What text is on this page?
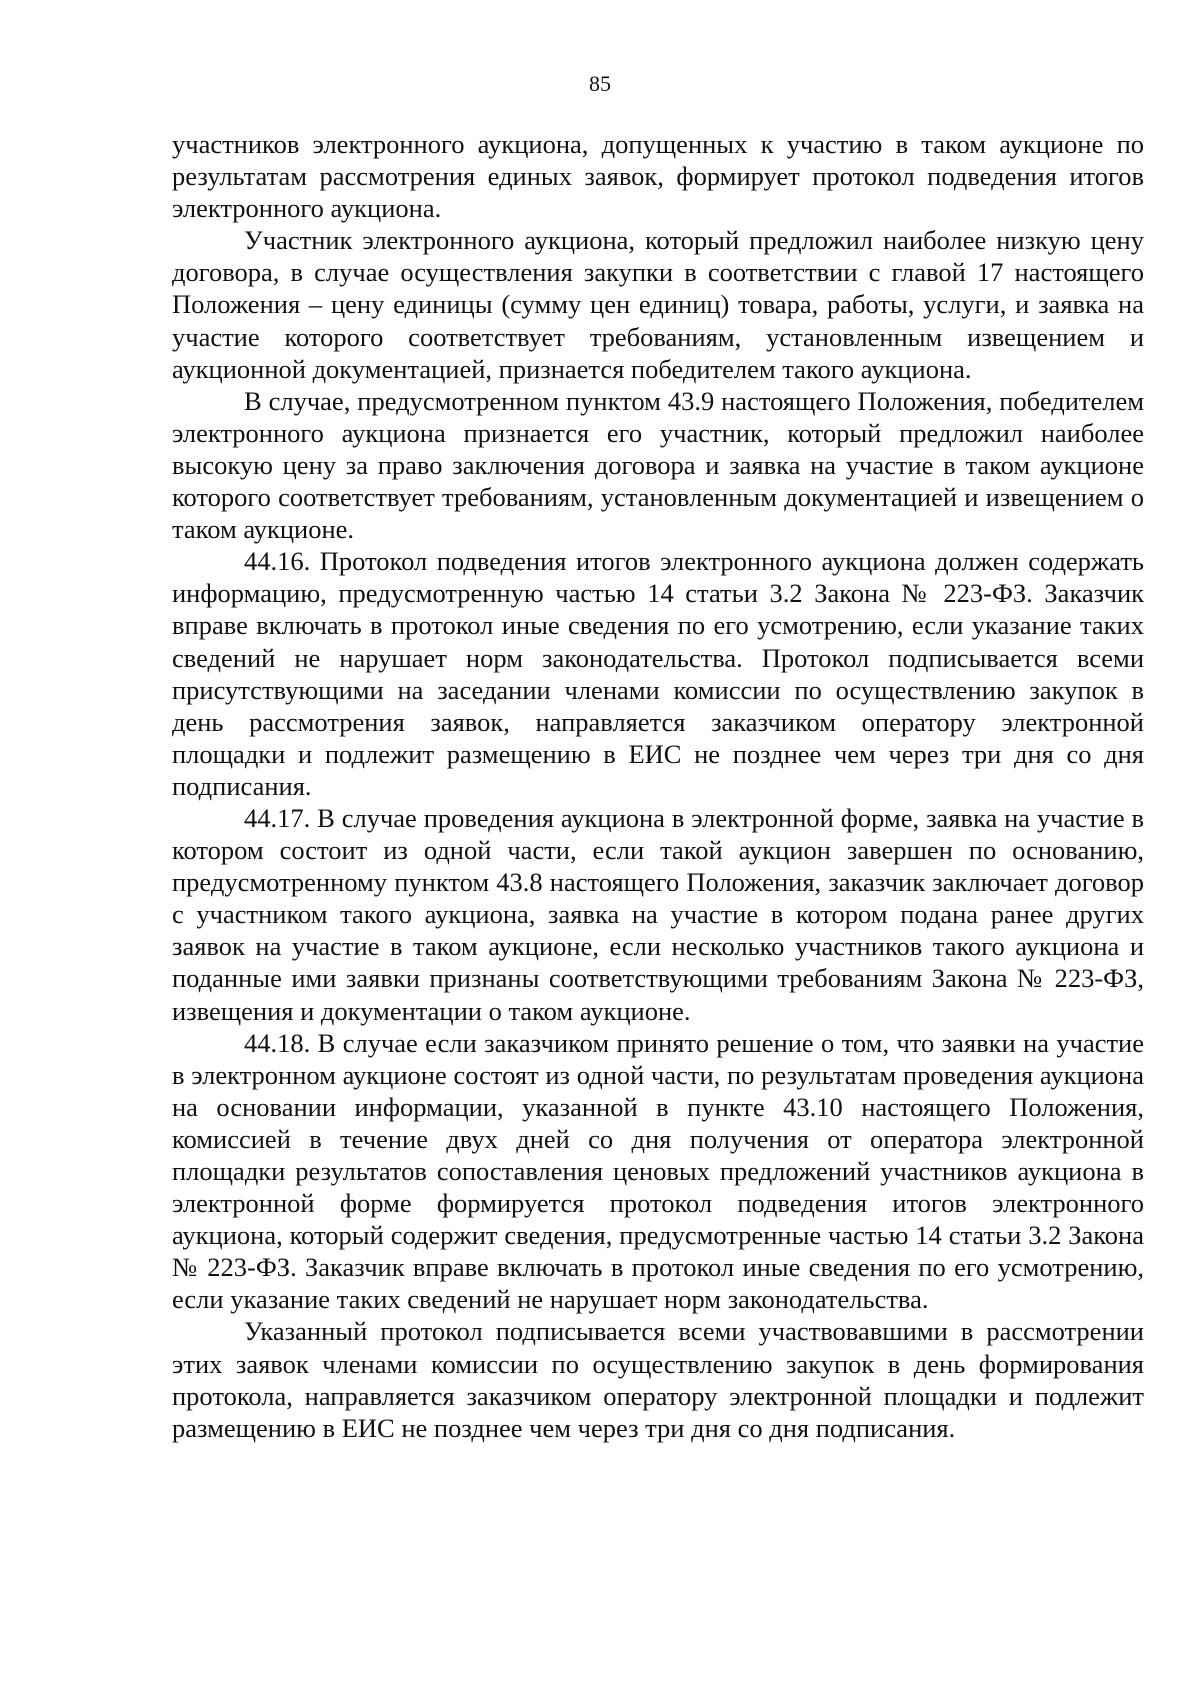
85

участников электронного аукциона, допущенных к участию в таком аукционе по результатам рассмотрения единых заявок, формирует протокол подведения итогов электронного аукциона.

Участник электронного аукциона, который предложил наиболее низкую цену договора, в случае осуществления закупки в соответствии с главой 17 настоящего Положения – цену единицы (сумму цен единиц) товара, работы, услуги, и заявка на участие которого соответствует требованиям, установленным извещением и аукционной документацией, признается победителем такого аукциона.

В случае, предусмотренном пунктом 43.9 настоящего Положения, победителем электронного аукциона признается его участник, который предложил наиболее высокую цену за право заключения договора и заявка на участие в таком аукционе которого соответствует требованиям, установленным документацией и извещением о таком аукционе.

44.16. Протокол подведения итогов электронного аукциона должен содержать информацию, предусмотренную частью 14 статьи 3.2 Закона № 223-ФЗ. Заказчик вправе включать в протокол иные сведения по его усмотрению, если указание таких сведений не нарушает норм законодательства. Протокол подписывается всеми присутствующими на заседании членами комиссии по осуществлению закупок в день рассмотрения заявок, направляется заказчиком оператору электронной площадки и подлежит размещению в ЕИС не позднее чем через три дня со дня подписания.

44.17. В случае проведения аукциона в электронной форме, заявка на участие в котором состоит из одной части, если такой аукцион завершен по основанию, предусмотренному пунктом 43.8 настоящего Положения, заказчик заключает договор с участником такого аукциона, заявка на участие в котором подана ранее других заявок на участие в таком аукционе, если несколько участников такого аукциона и поданные ими заявки признаны соответствующими требованиям Закона № 223-ФЗ, извещения и документации о таком аукционе.

44.18. В случае если заказчиком принято решение о том, что заявки на участие в электронном аукционе состоят из одной части, по результатам проведения аукциона на основании информации, указанной в пункте 43.10 настоящего Положения, комиссией в течение двух дней со дня получения от оператора электронной площадки результатов сопоставления ценовых предложений участников аукциона в электронной форме формируется протокол подведения итогов электронного аукциона, который содержит сведения, предусмотренные частью 14 статьи 3.2 Закона № 223-ФЗ. Заказчик вправе включать в протокол иные сведения по его усмотрению, если указание таких сведений не нарушает норм законодательства.

Указанный протокол подписывается всеми участвовавшими в рассмотрении этих заявок членами комиссии по осуществлению закупок в день формирования протокола, направляется заказчиком оператору электронной площадки и подлежит размещению в ЕИС не позднее чем через три дня со дня подписания.
